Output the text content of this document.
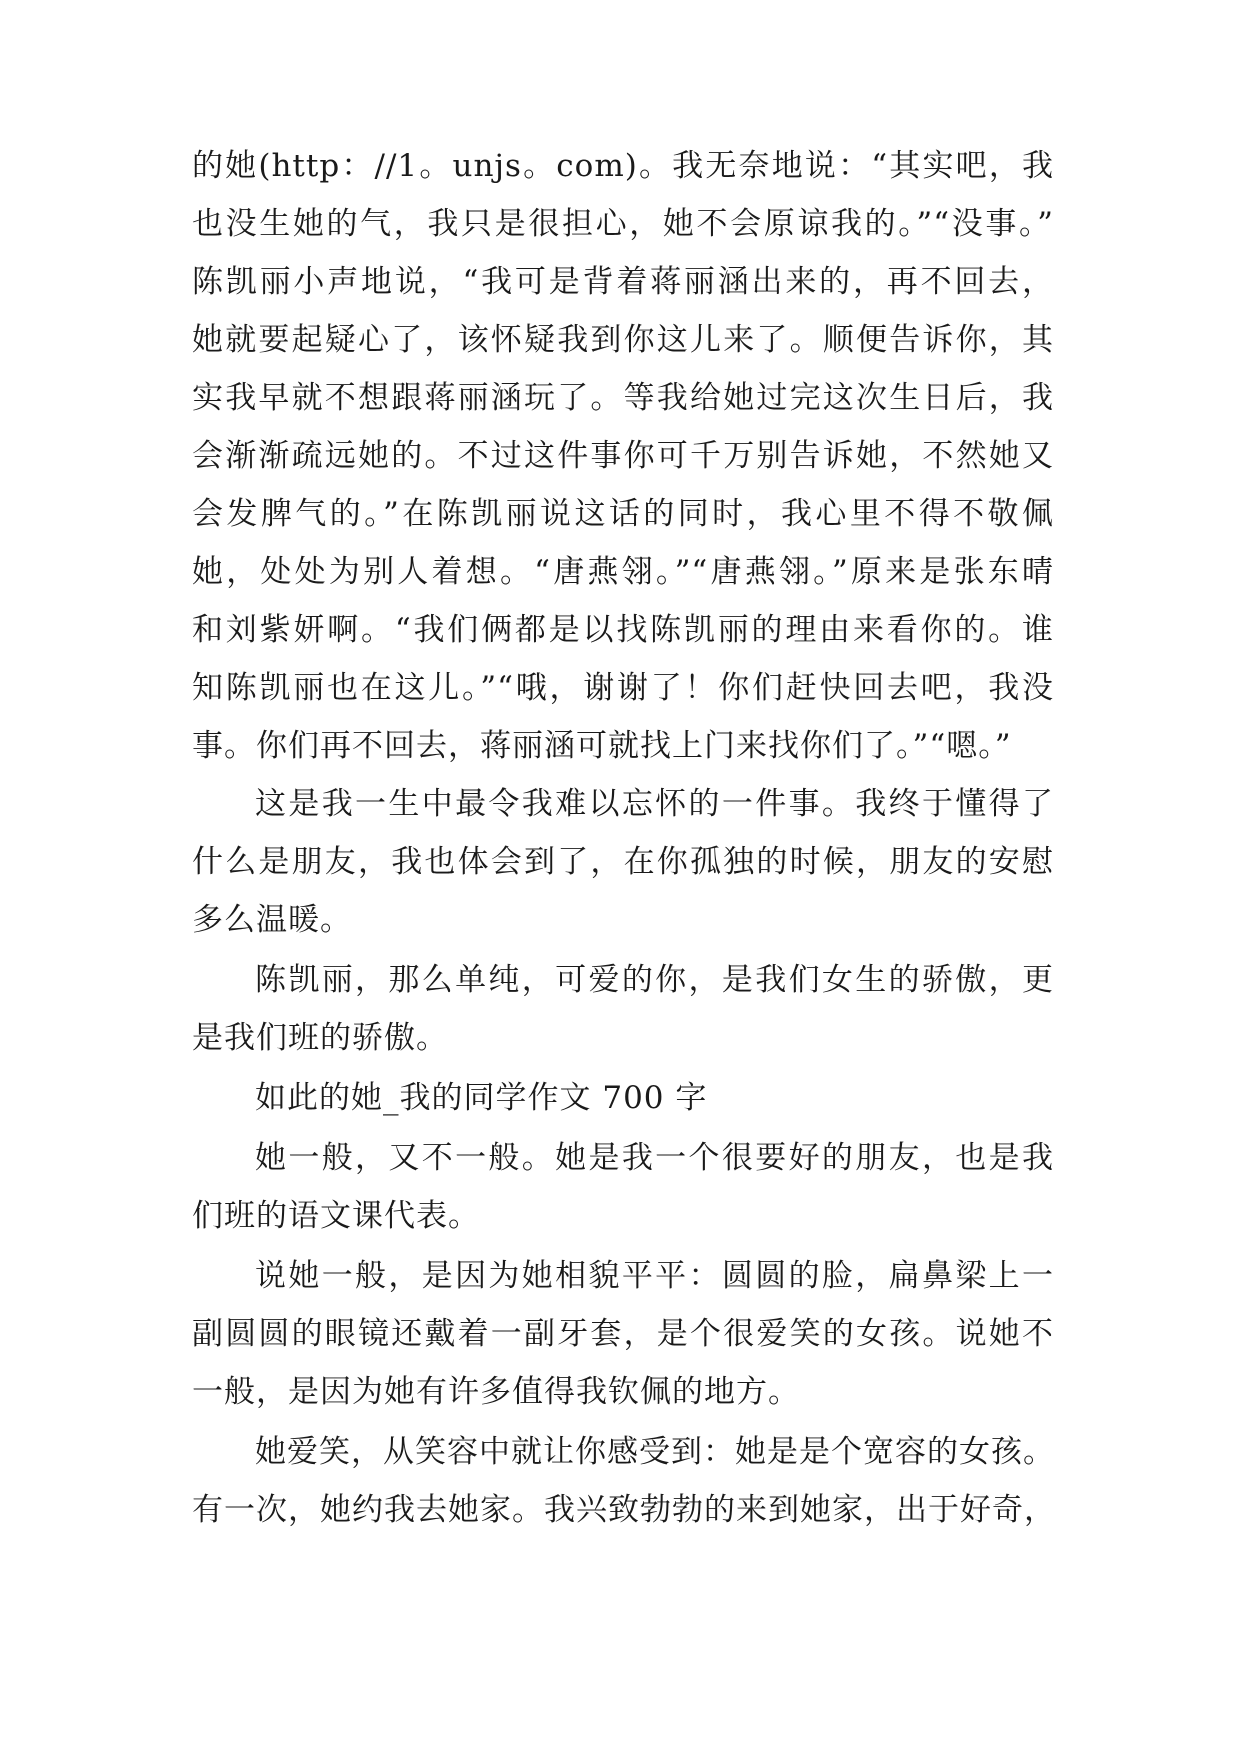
的她(http：//1。unjs。com)。我无奈地说：“其实吧，我
也没生她的气，我只是很担心，她不会原谅我的。”“没事。”
陈凯丽小声地说，“我可是背着蒋丽涵出来的，再不回去，
她就要起疑心了，该怀疑我到你这儿来了。顺便告诉你，其
实我早就不想跟蒋丽涵玩了。等我给她过完这次生日后，我
会渐渐疏远她的。不过这件事你可千万别告诉她，不然她又
会发脾气的。”在陈凯丽说这话的同时，我心里不得不敬佩
她，处处为别人着想。“唐燕翎。”“唐燕翎。”原来是张东晴
和刘紫妍啊。“我们俩都是以找陈凯丽的理由来看你的。谁
知陈凯丽也在这儿。”“哦，谢谢了！你们赶快回去吧，我没
事。你们再不回去，蒋丽涵可就找上门来找你们了。”“嗯。”
这是我一生中最令我难以忘怀的一件事。我终于懂得了
什么是朋友，我也体会到了，在你孤独的时候，朋友的安慰
多么温暖。
陈凯丽，那么单纯，可爱的你，是我们女生的骄傲，更
是我们班的骄傲。
如此的她_我的同学作文 700 字
她一般，又不一般。她是我一个很要好的朋友，也是我
们班的语文课代表。
说她一般，是因为她相貌平平：圆圆的脸，扁鼻梁上一
副圆圆的眼镜还戴着一副牙套，是个很爱笑的女孩。说她不
一般，是因为她有许多值得我钦佩的地方。
她爱笑，从笑容中就让你感受到：她是是个宽容的女孩。
有一次，她约我去她家。我兴致勃勃的来到她家，出于好奇，
